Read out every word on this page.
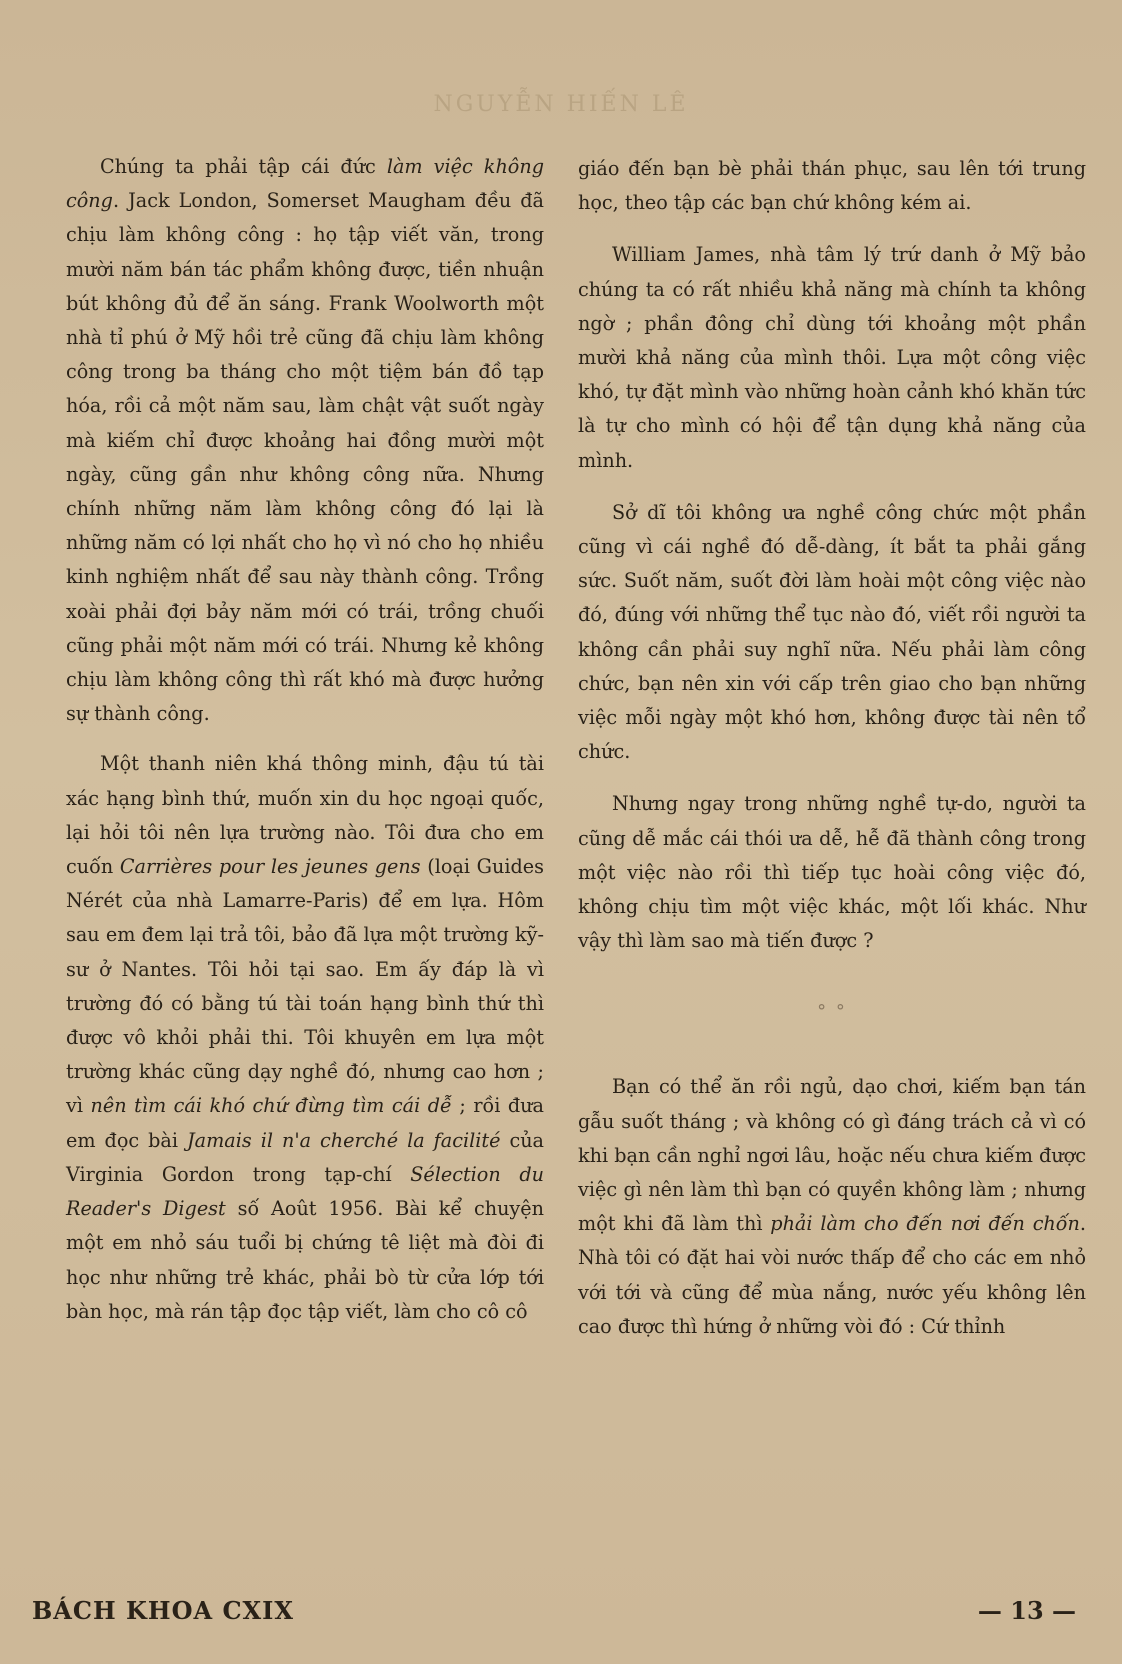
NGUYỄN HIẾN LÊ

Chúng ta phải tập cái đức làm việc không công. Jack London, Somerset Maugham đều đã chịu làm không công : họ tập viết văn, trong mười năm bán tác phẩm không được, tiền nhuận bút không đủ để ăn sáng. Frank Woolworth một nhà tỉ phú ở Mỹ hồi trẻ cũng đã chịu làm không công trong ba tháng cho một tiệm bán đồ tạp hóa, rồi cả một năm sau, làm chật vật suốt ngày mà kiếm chỉ được khoảng hai đồng mười một ngày, cũng gần như không công nữa. Nhưng chính những năm làm không công đó lại là những năm có lợi nhất cho họ vì nó cho họ nhiều kinh nghiệm nhất để sau này thành công. Trồng xoài phải đợi bảy năm mới có trái, trồng chuối cũng phải một năm mới có trái. Nhưng kẻ không chịu làm không công thì rất khó mà được hưởng sự thành công.

Một thanh niên khá thông minh, đậu tú tài xác hạng bình thứ, muốn xin du học ngoại quốc, lại hỏi tôi nên lựa trường nào. Tôi đưa cho em cuốn Carrières pour les jeunes gens (loại Guides Nérét của nhà Lamarre-Paris) để em lựa. Hôm sau em đem lại trả tôi, bảo đã lựa một trường kỹ-sư ở Nantes. Tôi hỏi tại sao. Em ấy đáp là vì trường đó có bằng tú tài toán hạng bình thứ thì được vô khỏi phải thi. Tôi khuyên em lựa một trường khác cũng dạy nghề đó, nhưng cao hơn ; vì nên tìm cái khó chứ đừng tìm cái dễ ; rồi đưa em đọc bài Jamais il n'a cherché la facilité của Virginia Gordon trong tạp-chí Sélection du Reader's Digest số Août 1956. Bài kể chuyện một em nhỏ sáu tuổi bị chứng tê liệt mà đòi đi học như những trẻ khác, phải bò từ cửa lớp tới bàn học, mà rán tập đọc tập viết, làm cho cô cô

giáo đến bạn bè phải thán phục, sau lên tới trung học, theo tập các bạn chứ không kém ai.

William James, nhà tâm lý trứ danh ở Mỹ bảo chúng ta có rất nhiều khả năng mà chính ta không ngờ ; phần đông chỉ dùng tới khoảng một phần mười khả năng của mình thôi. Lựa một công việc khó, tự đặt mình vào những hoàn cảnh khó khăn tức là tự cho mình có hội để tận dụng khả năng của mình.

Sở dĩ tôi không ưa nghề công chức một phần cũng vì cái nghề đó dễ-dàng, ít bắt ta phải gắng sức. Suốt năm, suốt đời làm hoài một công việc nào đó, đúng với những thể tục nào đó, viết rồi người ta không cần phải suy nghĩ nữa. Nếu phải làm công chức, bạn nên xin với cấp trên giao cho bạn những việc mỗi ngày một khó hơn, không được tài nên tổ chức.

Nhưng ngay trong những nghề tự-do, người ta cũng dễ mắc cái thói ưa dễ, hễ đã thành công trong một việc nào rồi thì tiếp tục hoài công việc đó, không chịu tìm một việc khác, một lối khác. Như vậy thì làm sao mà tiến được ?

° °

Bạn có thể ăn rồi ngủ, dạo chơi, kiếm bạn tán gẫu suốt tháng ; và không có gì đáng trách cả vì có khi bạn cần nghỉ ngơi lâu, hoặc nếu chưa kiếm được việc gì nên làm thì bạn có quyền không làm ; nhưng một khi đã làm thì phải làm cho đến nơi đến chốn. Nhà tôi có đặt hai vòi nước thấp để cho các em nhỏ với tới và cũng để mùa nắng, nước yếu không lên cao được thì hứng ở những vòi đó : Cứ thỉnh

BÁCH KHOA CXIX	— 13 —
